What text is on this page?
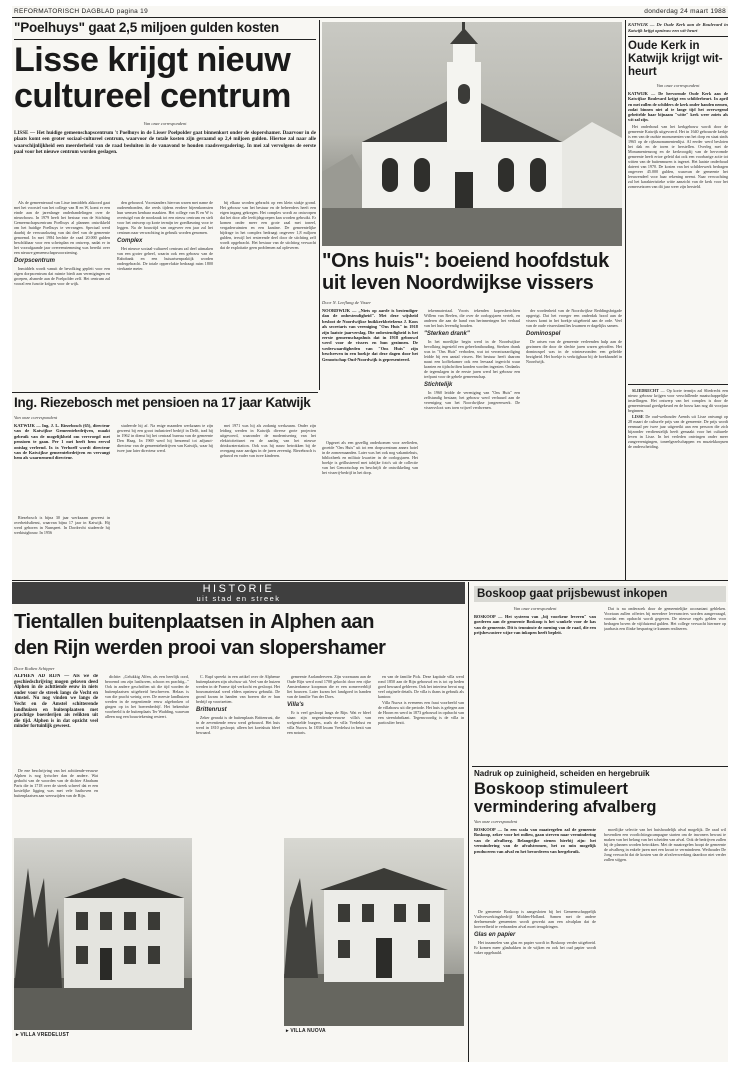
REFORMATORISCH DAGBLAD pagina 19	donderdag 24 maart 1988
"Poelhuys" gaat 2,5 miljoen gulden kosten
Lisse krijgt nieuw
cultureel centrum
Van onze correspondent
LISSE — Het huidige gemeenschapscentrum 't Poelhuys in de Lisser Poelpolder gaat binnenkort onder de slopershamer. Daarvoor in de plaats komt een groter sociaal-cultureel centrum, waarvoor de totale kosten zijn geraamd op 2,4 miljoen gulden. Hiertoe zal naar alle waarschijnlijkheid een meerderheid van de raad besluiten in de vanavond te houden raadsvergadering. In mei zal vervolgens de eerste paal voor het nieuwe centrum worden geslagen.

Als de gemeenteraad van Lisse inmiddels akkoord gaat met het voorstel van het college van B en W, komt er een einde aan de jarenlange onderhandelingen over de nieuwbouw. In 1979 heeft het bestuur van de Stichting Gemeenschapscentrum Poelhuys al plannen ontwikkeld om het huidige Poelhuys te vervangen. Speciaal werd daarbij de verwaarlozing van dat deel van de gemeente genoemd. In mei 1984 hechtte de raad 20.000 gulden beschikbaar voor een schetsplan en ontwerp, nadat er in het voorafgaande jaar overeenstemming was bereikt over een nieuwe gemeenschapsvoorziening.

Dorpscentrum

Inmiddels wordt vanuit de bevolking gepleit voor een eigen dorpscentrum dat ruimte biedt aan verenigingen en groepen, alsmede aan de Poelpolder zelf. Het centrum zal vooral een functie krijgen voor de wijk.

den gebouwd. Voorstanders hiervan waren met name de ouderenbonden, die reeds tijdens eerdere bijeenkomsten hun wensen kenbaar maakten. Het college van B en W is overtuigd van de noodzaak tot een nieuw centrum en stelt voor het ontwerp op korte termijn ter goedkeuring voor te leggen. Na de bouwtijd van ongeveer een jaar zal het centrum naar verwachting in gebruik worden genomen.

Complex

Het nieuwe sociaal-cultureel centrum zal deel uitmaken van een groter geheel, waarin ook een gebouw van de Rabobank en een huisartsenpraktijk worden ondergebracht. De totale oppervlakte bedraagt ruim 1800 vierkante meter.

bij elkaar worden gebracht op een klein stukje grond. Het gebouw van het bestuur en de beheerders heeft een eigen ingang gekregen. Het complex wordt zo ontworpen dat het door alle leeftijdsgroepen kan worden gebruikt. Er komen onder meer een grote zaal met toneel, vergaderruimten en een kantine. De gemeentelijke bijdrage in het complex bedraagt ongeveer 1,8 miljoen gulden, terwijl het resterende deel door de stichting zelf wordt opgebracht. Het bestuur van de stichting verwacht dat de exploitatie geen problemen zal opleveren.

KATWIJK — De Oude Kerk aan de Boulevard in Katwijk krijgt opnieuw een wit-heurt
Oude Kerk in Katwijk krijgt wit-heurt
Van onze correspondent
KATWIJK — De hervormde Oude Kerk aan de Katwijkse Boulevard krijgt een schilderbeurt. In april en mei zullen de schilders de kerk onder handen nemen, zodat binnen niet al te lange tijd het overwegend gebeitelde baar bijnaam "witte" kerk weer zoiets als wit zal zijn.

Het onderhoud van het kerkgebouw wordt door de gemeente Katwijk uitgevoerd. Het in 1640 gebouwde kerkje is een van de oudste monumenten van het dorp en staat sinds 1965 op de rijksmonumentenlijst. Al eerder werd besloten het dak en de toren te herstellen. Overleg met de Monumentenzorg en de kerkvoogdij van de hervormde gemeente heeft ertoe geleid dat ook een voorbarige actie tot witten van de buitenmuren is ingezet. Het laatste onderhoud dateert van 1970. De kosten van het schilderwerk bedragen ongeveer 45.000 gulden, waarvan de gemeente het leeuwendeel voor haar rekening neemt. Naar verwachting zal het karakteristieke witte aanzicht van de kerk voor het zomerseizoen van dit jaar weer zijn hersteld.

SLIEDRECHT — Op korte termijn zal Sliedrecht een nieuw gebouw krijgen voor verschillende maatschappelijke instellingen. Het ontwerp van het complex is door de gemeenteraad goedgekeurd en de bouw kan nog dit voorjaar beginnen.

LISSE De oud-wethouder Arends uit Lisse ontvangt op 28 maart de culturele prijs van de gemeente. De prijs wordt eenmaal per twee jaar uitgereikt aan een persoon die zich bijzonder verdienstelijk heeft gemaakt voor het culturele leven in Lisse. In het verleden ontvingen onder meer zangverenigingen, toneelgezelschappen en muziekkorpsen de onderscheiding.

"Ons huis": boeiend hoofdstuk
uit leven Noordwijkse vissers
Door N. Leeflang de Visser
NOORDWIJK — „Niets op aarde is bestendiger dan de onbestendigheid". Met deze wijsheid besloot de Noordwijkse buikkerkbriefzeuz J. Koos als secretaris van vereniging "Ons Huis" in 1918 zijn laatste jaarverslag. Die onbestendigheid is het eerste gemeenschapshuis dat in 1918 gebouwd werd voor de vissers en hun gezinnen. De wederwaardigheden van "Ons Huis" zijn beschreven in een boekje dat deze dagen door het Genootschap Oud-Noordwijk is gepresenteerd.

Opgezet als een gezellig onderkomen voor zeelieden, groeide "Ons Huis" uit tot een dorpscentrum annex hotel in de zomermaanden. Later was het ook nog vakantiehuis, bibliotheek en militair kwartier in de oorlogsjaren. Het boekje is geïllustreerd met talrijke foto's uit de collectie van het Genootschap en beschrijft de ontwikkeling van het visserij-bedrijf in het dorp.

tekenmateriaal. Voorts tekenden kopersberichten Willem van Beelen, die over de oorlogsjaren vertelt, en anderen die aan de hand van herinneringen het verhaal van het huis levendig houden.

"Sterken drank"

In het moeilijke begin werd in de Noordwijkse bevolking ingesteld een geheelonthouding. Sterken drank was in "Ons Huis" verboden, wat tot verontwaardiging leidde bij een aantal vissers. Het bestuur heeft daarom naast een koffiekamer ook een leeszaal ingericht waar kranten en tijdschriften konden worden ingezien. Ondanks de tegenslagen in de eerste jaren werd het gebouw een trefpunt voor de gehele gemeenschap.

Stichtelijk

In 1960 leidde de vereniging van "Ons Huis" een zelfstandig bestaan; het gebouw werd verhuurd aan de vereniging van het Noordwijkse jongerenwerk. De vissersvloot was toen vrijwel verdwenen.

der wordenheid van de Noordwijkse Reddingsbrigade opgerigt. Dat het vroeger een onderdak bood aan de vissers komt in het boekje uitgebreid aan de orde. Veel van de oude vissersfamilies kwamen er dagelijks samen.

Dominospel

De artsen van de gemeente verleenden hulp aan de gezinnen die door de slechte jaren waren getroffen. Het dominospel was in de winteravonden een geliefde bezigheid. Het boekje is verkrijgbaar bij de boekhandel in Noordwijk.

Ing. Riezebosch met pensioen na 17 jaar Katwijk
Van onze correspondent
KATWIJK — Ing. J. L. Riezebosch (65), directeur van de Katwijkse Gemeentebedrijven, maakt gebruik van de mogelijkheid om vervroegd met pensioen te gaan. Per 1 mei heeft hem eervol ontslag verleend. Ir. ir. Verhoeff wordt directeur van de Katwijkse gemeentebedrijven en vervangt hem als waarnemend directeur.

Riezebosch is bijna 30 jaar werkzaam geweest in overheidsdienst, waarvan bijna 17 jaar in Katwijk. Hij werd geboren in Nunspeet. In Dordrecht studeerde hij werktuigbouw. In 1956

studeerde hij af. Na enige maanden werkzaam te zijn geweest bij een groot industrieel bedrijf in Delft, trad hij in 1962 in dienst bij het centraal bureau van de gemeente Den Haag. In 1969 werd hij benoemd tot adjunct-directeur van de gemeentebedrijven van Katwijk, waar hij twee jaar later directeur werd.

mei 1971 was hij als zodanig werkzaam. Onder zijn leiding werden in Katwijk diverse grote projecten uitgevoerd, waaronder de modernisering van het elektriciteitsnet en de aanleg van het nieuwe drinkwaterstation. Ook was hij nauw betrokken bij de overgang naar aardgas in de jaren zeventig. Riezebosch is gehuwd en vader van twee kinderen.

HISTORIE
uit stad en streek
Tientallen buitenplaatsen in Alphen aan
den Rijn werden prooi van slopershamer
Door Rodien Schipper
ALPHEN AD RIJN — Als we de geschiedschrijving mogen geloven deed Alphen in de achttiende eeuw in niets onder voor de streek langs de Vecht en Amstel. Nu nog vinden we langs de Vecht en de Amstel schitterende landhuizen en buitenplaatsen met prachtige boerderijen als relikten uit die tijd. Alphen is in dat opzicht veel minder fortuinlijk geweest.

De ene beschrijving van het achttiende-eeuwse Alphen is nog lyrischer dan de andere. Wat gedacht van de woorden van de dichter Abraham Paris die in 1718 over de streek schreef dat er een kostelijke ligging was met vele lusthoven en buitenplaatsen aan weerszijden van de Rijn.

dichtte: „Gelukkig Alfen, als een heerlijk oord, beroemd om zijn lusthoven, schoon en prachtig..." Ook in andere geschriften uit die tijd worden de buitenplaatsen uitgebreid beschreven. Helaas is van die pracht weinig over. De meeste landhuizen werden in de negentiende eeuw afgebroken of gingen op in het boerenbedrijf. Het bekendste voorbeeld is de buitenplaats Ter Wadding, waarvan alleen nog een bouwtekening resteert.

C. Rapf spreekt in een artikel over de Alphense buitenplaatsen zijn afschuw uit. Veel van de huizen werden in de Franse tijd verkocht en gesloopt. Het bouwmateriaal werd elders opnieuw gebruikt. De grond kwam in handen van boeren die er hun bedrijf op voortzetten.

Brittenrust

Zeker geraakt is de buitenplaats Brittenrust, die in de zeventiende eeuw werd gebouwd. Het huis werd in 1810 gesloopt; alleen het koetshuis bleef bewaard.

gemeente Aarlanderveen. Zijn voornaam aan de Oude Rijn werd rond 1700 gekocht door een rijke Amsterdamse koopman die er een zomerverblijf liet bouwen. Later kwam het landgoed in handen van de familie Van der Does.

Villa's

Er is veel gesloopt langs de Rijn. Wat er bleef staan zijn negentiende-eeuwse villa's van welgestelde burgers, zoals de villa Vredelust en villa Nuova. In 1838 kwam Vredelust in bezit van een notaris.

en van de familie Pick. Deze kapitale villa werd rond 1850 aan de Rijn gebouwd en is tot op heden goed bewaard gebleven. Ook het interieur bevat nog veel originele details. De villa is thans in gebruik als kantoor.

Villa Nuova is eveneens een fraai voorbeeld van de villabouw uit die periode. Het huis is gelegen aan de Hoorn en werd in 1873 gebouwd in opdracht van een steenfabrikant. Tegenwoordig is de villa in particulier bezit.

▸ VILLA VREDELUST
▸ VILLA NUOVA
Boskoop gaat prijsbewust inkopen
Van onze correspondent
BOSKOOP — Het systeem van „bij voorkeur leveren" van goederen aan de gemeente Boskoop is het wankele voor de kas van de gemeente. Dit is tenminste de mening van de raad, die een prijsbewustere wijze van inkopen heeft bepleit.

Dat is na onderzoek door de gemeentelijke accountant gebleken. Voortaan zullen offertes bij meerdere leveranciers worden aangevraagd, voordat een opdracht wordt gegeven. De nieuwe regels gelden voor bedragen boven de vijfduizend gulden. Het college verwacht hiermee op jaarbasis een flinke besparing te kunnen realiseren.

Nadruk op zuinigheid, scheiden en hergebruik
Boskoop stimuleert
vermindering afvalberg
Van onze correspondent
BOSKOOP — In een scala van maatregelen zal de gemeente Boskoop, zeker voor het milieu, gaan streven naar vermindering van de afvalberg. Belangrijke stenen hierbij zijn: het vermindering van de afvalstromen, het zo min mogelijk produceren van afval en het bevorderen van hergebruik.

De gemeente Boskoop is aangesloten bij het Gemeenschappelijk Vuilverwerkingsbedrijf Midden-Holland. Samen met de andere deelnemende gemeenten wordt gewerkt aan een afvalplan dat de hoeveelheid te verbranden afval moet terugdringen.

Glas en papier

Het inzamelen van glas en papier wordt in Boskoop verder uitgebreid. Er komen meer glasbakken in de wijken en ook het oud papier wordt vaker opgehaald.

moeilijke selectie van het huishoudelijk afval mogelijk. De raad wil bovendien een voorlichtingscampagne starten om de inwoners bewust te maken van het belang van het scheiden van afval. Ook de bedrijven zullen bij de plannen worden betrokken. Met de maatregelen hoopt de gemeente de afvalberg in enkele jaren met een kwart te verminderen. Wethouder De Jong verwacht dat de kosten van de afvalverwerking daardoor niet verder zullen stijgen.
